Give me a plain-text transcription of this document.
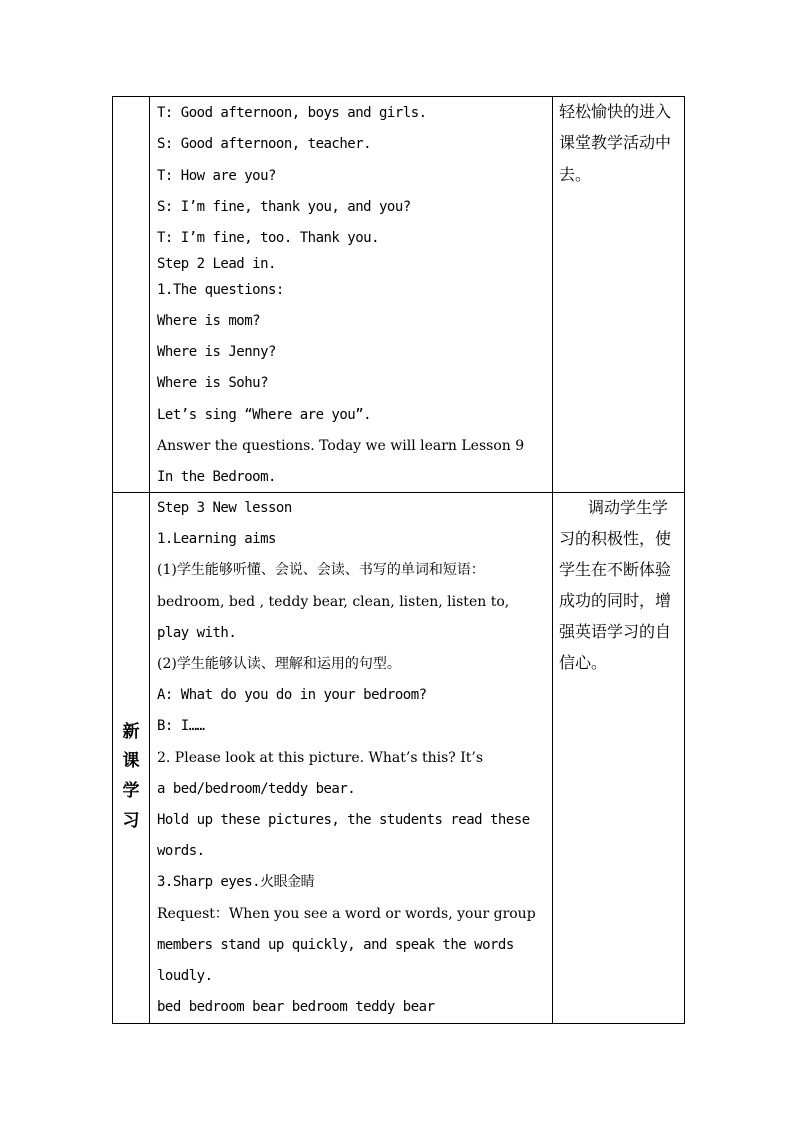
T: Good afternoon, boys and girls.
S: Good afternoon, teacher.
T: How are you?
S: I’m fine, thank you, and you?
T: I’m fine, too. Thank you.
Step 2 Lead in.
1.The questions:
Where is mom?
Where is Jenny?
Where is Sohu?
Let’s sing “Where are you”.
Answer the questions. Today we will learn Lesson 9
In the Bedroom.
轻松愉快的进入
课堂教学活动中
去。
新
课
学
习
Step 3 New lesson
1.Learning aims
(1)学生能够听懂、会说、会读、书写的单词和短语：
bedroom, bed , teddy bear, clean, listen, listen to,
play with.
(2)学生能够认读、理解和运用的句型。
A: What do you do in your bedroom?
B: I……
2. Please look at this picture. What’s this? It’s
a bed/bedroom/teddy bear.
Hold up these pictures, the students read these
words.
3.Sharp eyes.火眼金睛
Request：When you see a word or words, your group
members stand up quickly, and speak the words
loudly.
bed bedroom bear bedroom teddy bear
调动学生学
习的积极性，使
学生在不断体验
成功的同时，增
强英语学习的自
信心。
